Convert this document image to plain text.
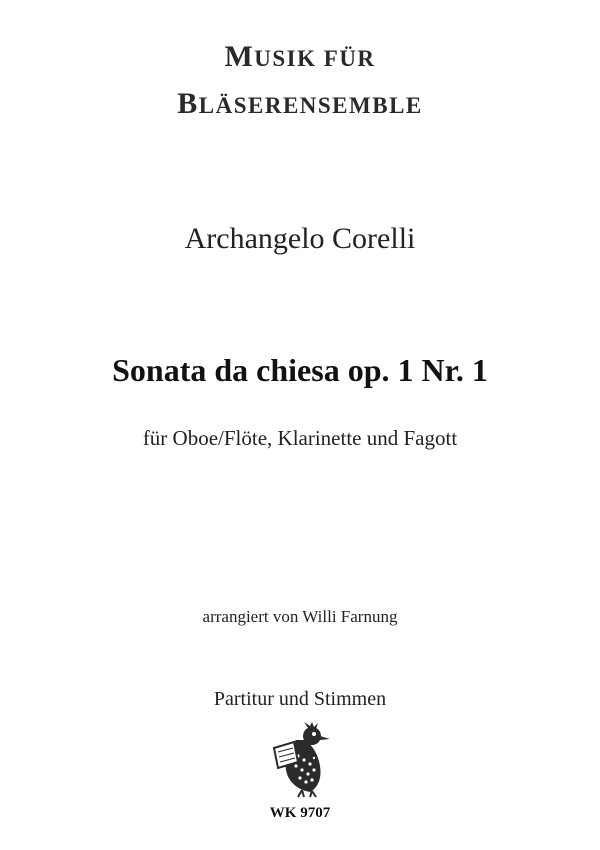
MUSIK FÜR
BLÄSERENSEMBLE
Archangelo Corelli
Sonata da chiesa op. 1 Nr. 1
für Oboe/Flöte, Klarinette und Fagott
arrangiert von Willi Farnung
Partitur und Stimmen
WK 9707
